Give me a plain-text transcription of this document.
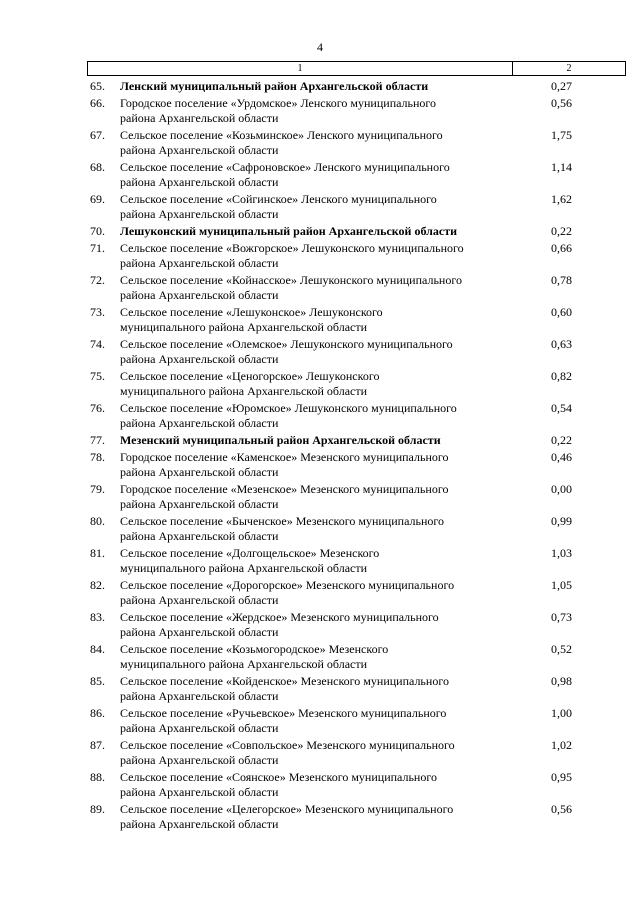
4
1	2
65. Ленский муниципальный район Архангельской области	0,27
66. Городское поселение «Урдомское» Ленского муниципального
района Архангельской области
0,56
67. Сельское поселение «Козьминское» Ленского муниципального
района Архангельской области
1,75
68. Сельское поселение «Сафроновское» Ленского муниципального
района Архангельской области
1,14
69. Сельское поселение «Сойгинское» Ленского муниципального
района Архангельской области
1,62
70. Лешуконский муниципальный район Архангельской области	0,22
71. Сельское поселение «Вожгорское» Лешуконского муниципального
района Архангельской области
0,66
72. Сельское поселение «Койнасское» Лешуконского муниципального
района Архангельской области
0,78
73. Сельское поселение «Лешуконское» Лешуконского
муниципального района Архангельской области
0,60
74. Сельское поселение «Олемское» Лешуконского муниципального
района Архангельской области
0,63
75. Сельское поселение «Ценогорское» Лешуконского
муниципального района Архангельской области
0,82
76. Сельское поселение «Юромское» Лешуконского муниципального
района Архангельской области
0,54
77. Мезенский муниципальный район Архангельской области	0,22
78. Городское поселение «Каменское» Мезенского муниципального
района Архангельской области
0,46
79. Городское поселение «Мезенское» Мезенского муниципального
района Архангельской области
0,00
80. Сельское поселение «Быченское» Мезенского муниципального
района Архангельской области
0,99
81. Сельское поселение «Долгощельское» Мезенского
муниципального района Архангельской области
1,03
82. Сельское поселение «Дорогорское» Мезенского муниципального
района Архангельской области
1,05
83. Сельское поселение «Жердское» Мезенского муниципального
района Архангельской области
0,73
84. Сельское поселение «Козьмогородское» Мезенского
муниципального района Архангельской области
0,52
85. Сельское поселение «Койденское» Мезенского муниципального
района Архангельской области
0,98
86. Сельское поселение «Ручьевское» Мезенского муниципального
района Архангельской области
1,00
87. Сельское поселение «Совпольское» Мезенского муниципального
района Архангельской области
1,02
88. Сельское поселение «Соянское» Мезенского муниципального
района Архангельской области
0,95
89. Сельское поселение «Целегорское» Мезенского муниципального
района Архангельской области
0,56
